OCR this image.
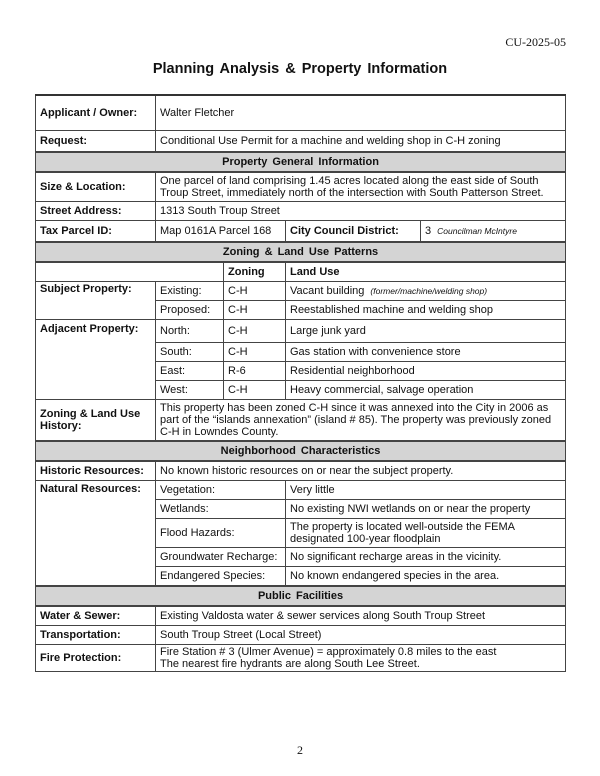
CU-2025-05
Planning Analysis & Property Information
Applicant / Owner:	Walter Fletcher			
Request:	Conditional Use Permit for a machine and welding shop in C-H zoning			
Property General Information				
Size & Location:	One parcel of land comprising 1.45 acres located along the east side of South Troup Street, immediately north of the intersection with South Patterson Street.			
Street Address:	1313 South Troup Street			
Tax Parcel ID:	Map 0161A Parcel 168		City Council District:	3 Councilman McIntyre
Zoning & Land Use Patterns				
		Zoning	Land Use	
Subject Property:	Existing:	C-H	Vacant building (former/machine/welding shop)	
	Proposed:	C-H	Reestablished machine and welding shop	
Adjacent Property:	North:	C-H	Large junk yard	
	South:	C-H	Gas station with convenience store	
	East:	R-6	Residential neighborhood	
	West:	C-H	Heavy commercial, salvage operation	
Zoning & Land Use History:	This property has been zoned C-H since it was annexed into the City in 2006 as part of the “islands annexation” (island # 85). The property was previously zoned C-H in Lowndes County.			
Neighborhood Characteristics				
Historic Resources:	No known historic resources on or near the subject property.			
Natural Resources:	Vegetation:		Very little	
	Wetlands:		No existing NWI wetlands on or near the property	
	Flood Hazards:		The property is located well-outside the FEMA designated 100-year floodplain	
	Groundwater Recharge:		No significant recharge areas in the vicinity.	
	Endangered Species:		No known endangered species in the area.	
Public Facilities				
Water & Sewer:	Existing Valdosta water & sewer services along South Troup Street			
Transportation:	South Troup Street (Local Street)			
Fire Protection:	Fire Station # 3 (Ulmer Avenue) = approximately 0.8 miles to the east
The nearest fire hydrants are along South Lee Street.			
2
